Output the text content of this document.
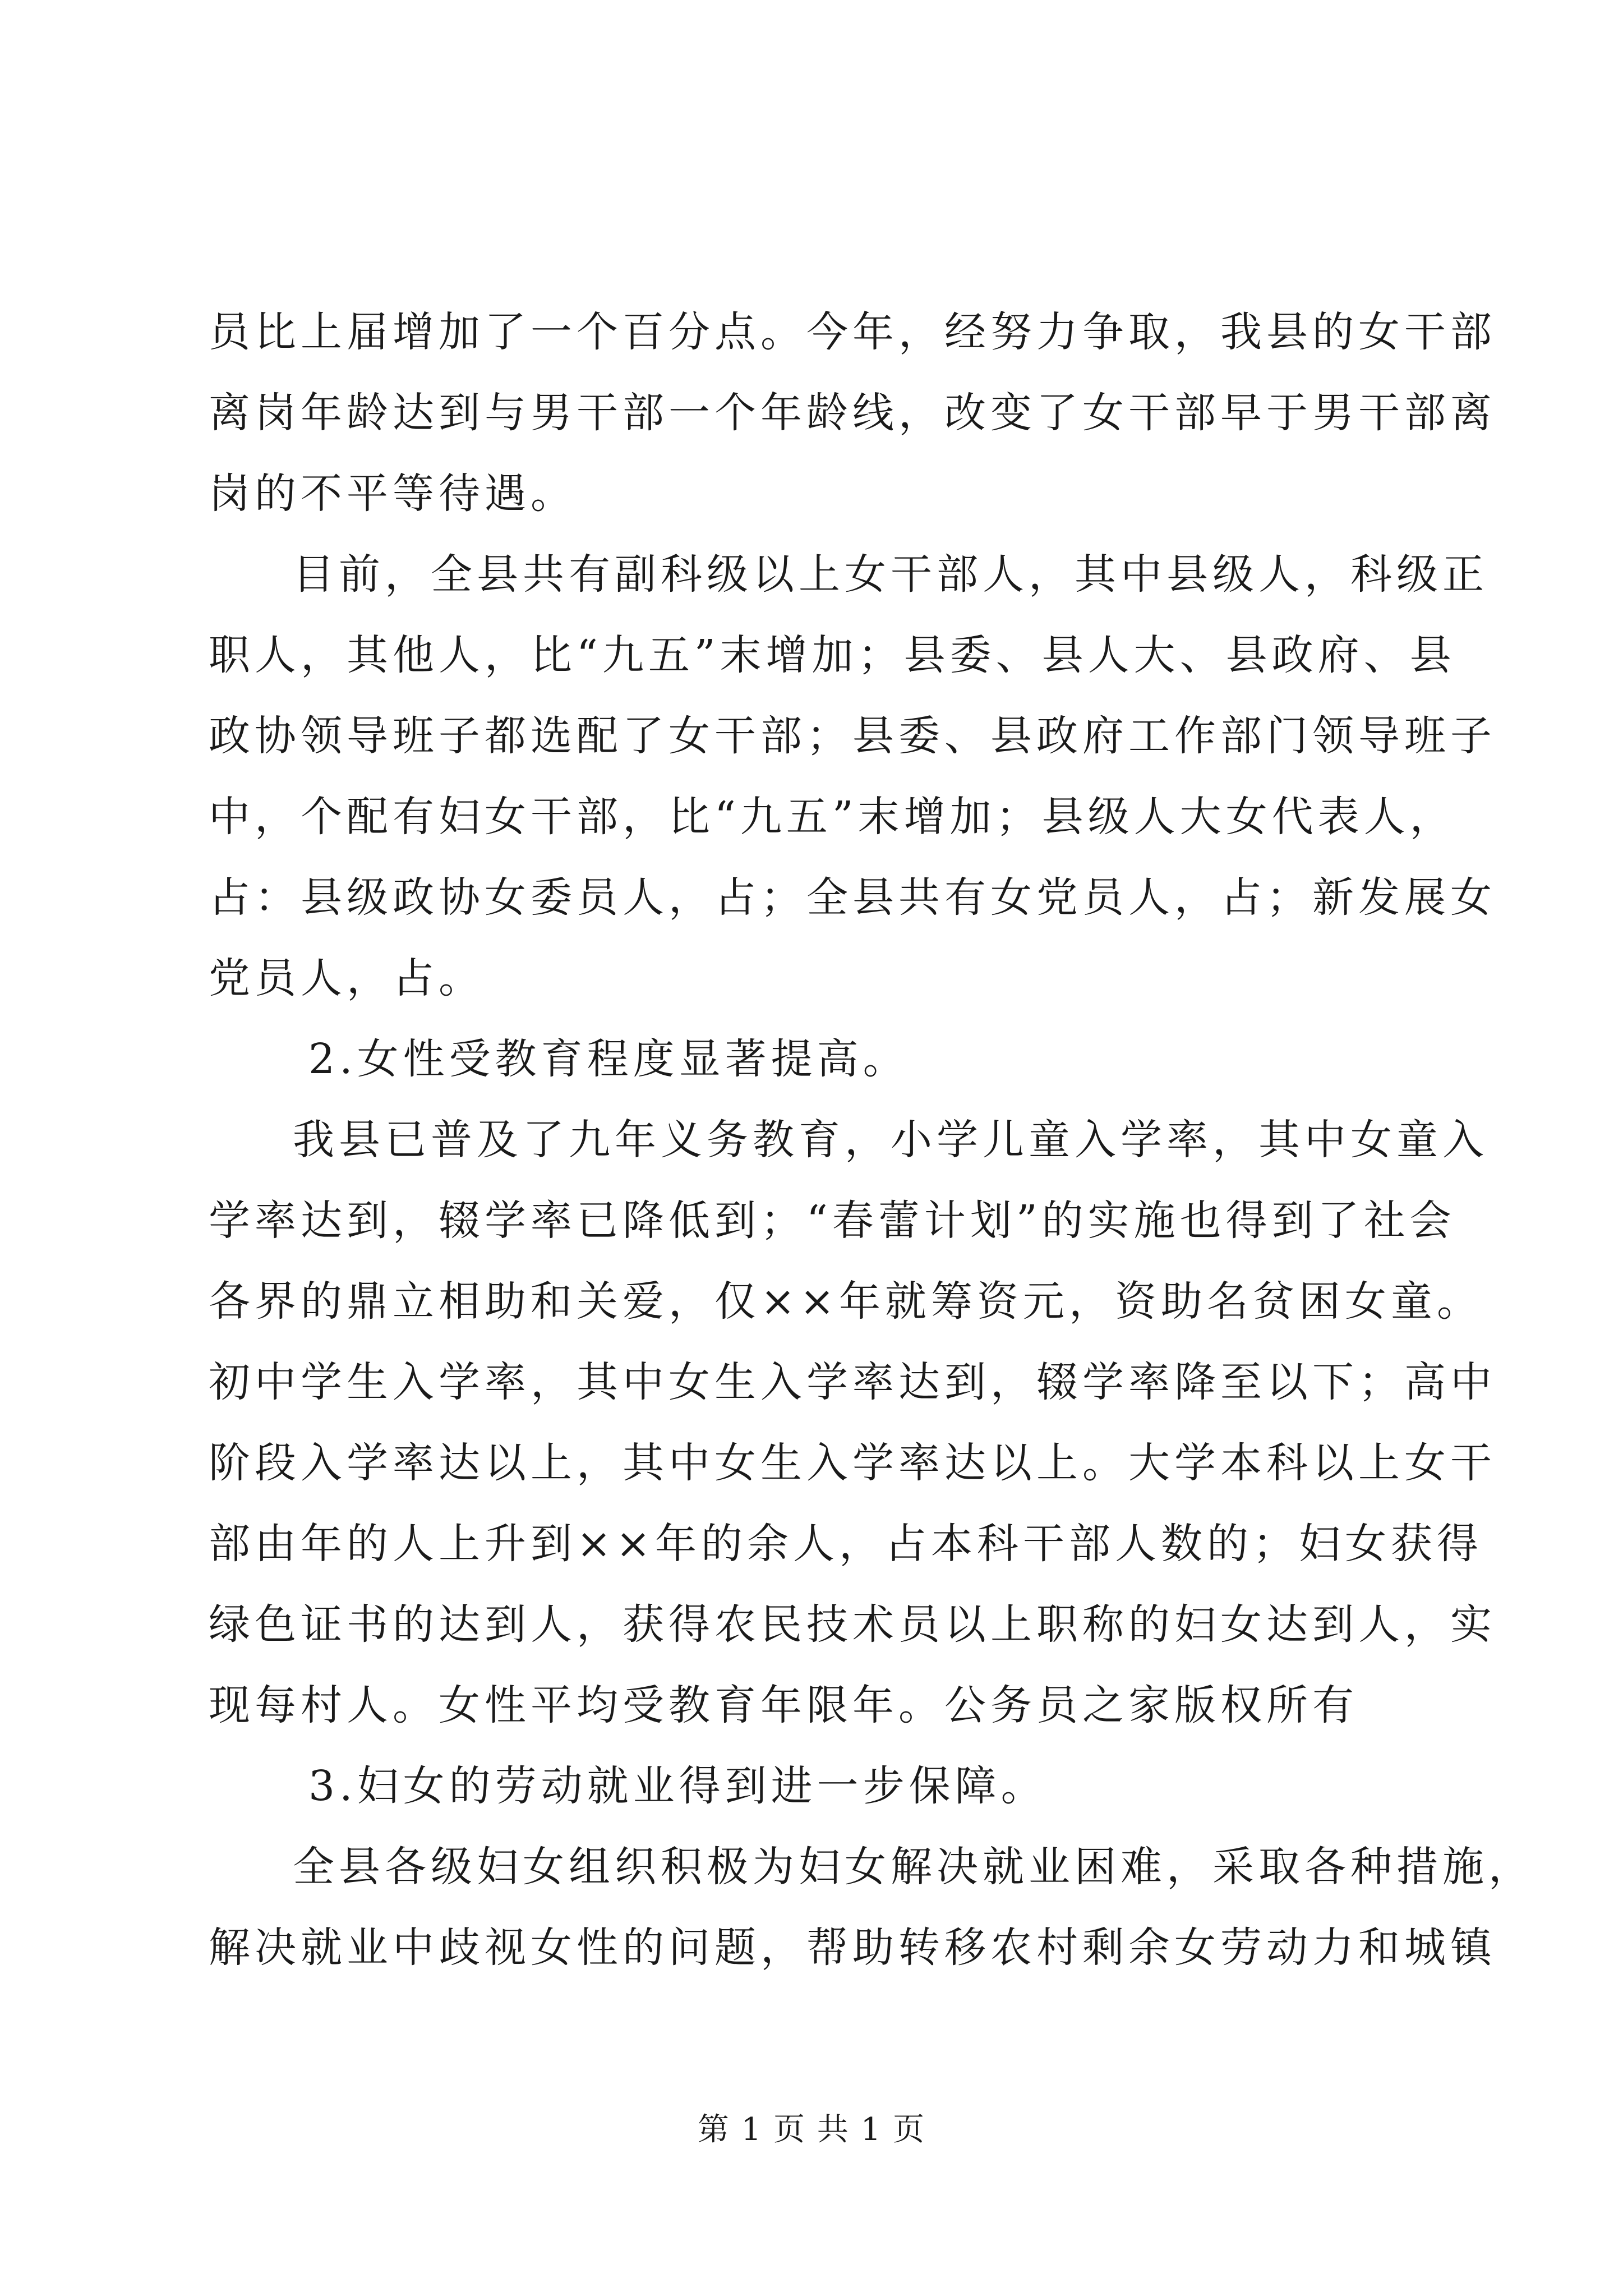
员比上届增加了一个百分点。今年，经努力争取，我县的女干部
离岗年龄达到与男干部一个年龄线，改变了女干部早于男干部离
岗的不平等待遇。
目前，全县共有副科级以上女干部人，其中县级人，科级正
职人，其他人，比“九五”末增加；县委、县人大、县政府、县
政协领导班子都选配了女干部；县委、县政府工作部门领导班子
中，个配有妇女干部，比“九五”末增加；县级人大女代表人，
占：县级政协女委员人，占；全县共有女党员人，占；新发展女
党员人，占。
2.女性受教育程度显著提高。
我县已普及了九年义务教育，小学儿童入学率，其中女童入
学率达到，辍学率已降低到；“春蕾计划”的实施也得到了社会
各界的鼎立相助和关爱，仅××年就筹资元，资助名贫困女童。
初中学生入学率，其中女生入学率达到，辍学率降至以下；高中
阶段入学率达以上，其中女生入学率达以上。大学本科以上女干
部由年的人上升到××年的余人，占本科干部人数的；妇女获得
绿色证书的达到人，获得农民技术员以上职称的妇女达到人，实
现每村人。女性平均受教育年限年。公务员之家版权所有
3.妇女的劳动就业得到进一步保障。
全县各级妇女组织积极为妇女解决就业困难，采取各种措施，
解决就业中歧视女性的问题，帮助转移农村剩余女劳动力和城镇
第 1 页 共 1 页
